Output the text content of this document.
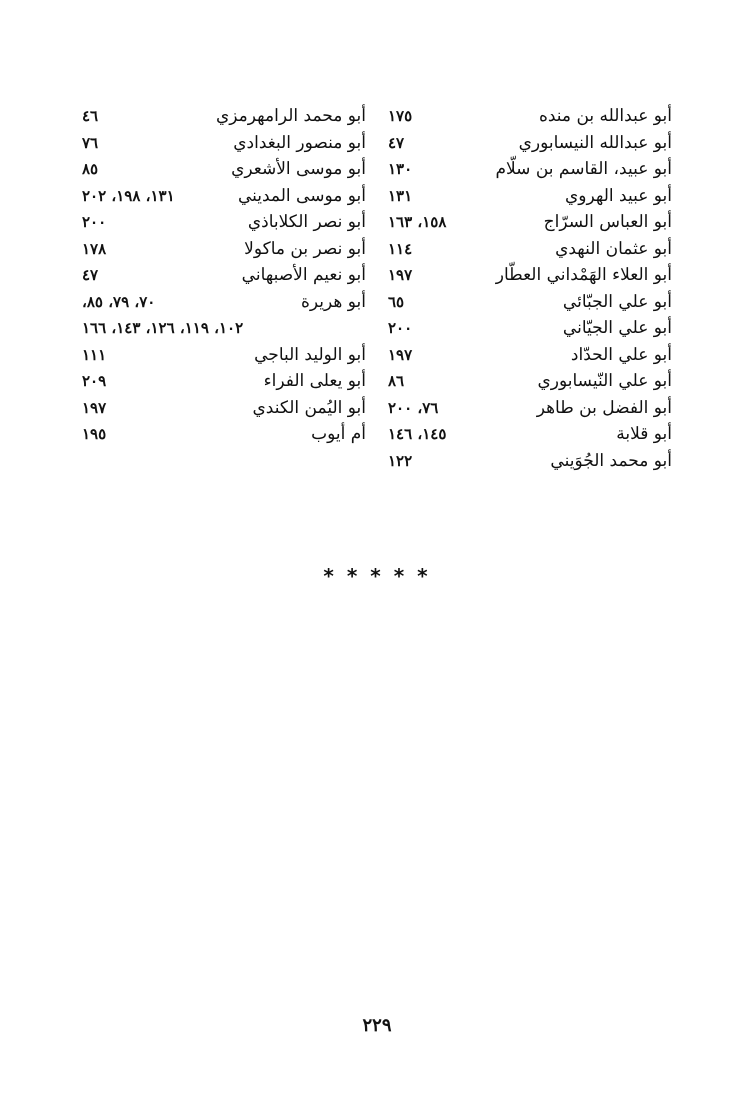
أبو عبدالله بن منده
١٧٥
أبو عبدالله النيسابوري
٤٧
أبو عبيد، القاسم بن سلّام
١٣٠
أبو عبيد الهروي
١٣١
أبو العباس السرّاج
١٥٨، ١٦٣
أبو عثمان النهدي
١١٤
أبو العلاء الهَمْداني العطّار
١٩٧
أبو علي الجبّائي
٦٥
أبو علي الجيّاني
٢٠٠
أبو علي الحدّاد
١٩٧
أبو علي النّيسابوري
٨٦
أبو الفضل بن طاهر
٧٦، ٢٠٠
أبو قلابة
١٤٥، ١٤٦
أبو محمد الجُوَيني
١٢٢
أبو محمد الرامهرمزي
٤٦
أبو منصور البغدادي
٧٦
أبو موسى الأشعري
٨٥
أبو موسى المديني
١٣١، ١٩٨، ٢٠٢
أبو نصر الكلاباذي
٢٠٠
أبو نصر بن ماكولا
١٧٨
أبو نعيم الأصبهاني
٤٧
أبو هريرة
٧٠، ٧٩، ٨٥،
١٠٢، ١١٩، ١٢٦، ١٤٣، ١٦٦
أبو الوليد الباجي
١١١
أبو يعلى الفراء
٢٠٩
أبو اليُمن الكندي
١٩٧
أم أيوب
١٩٥
* * * * *
٢٢٩
